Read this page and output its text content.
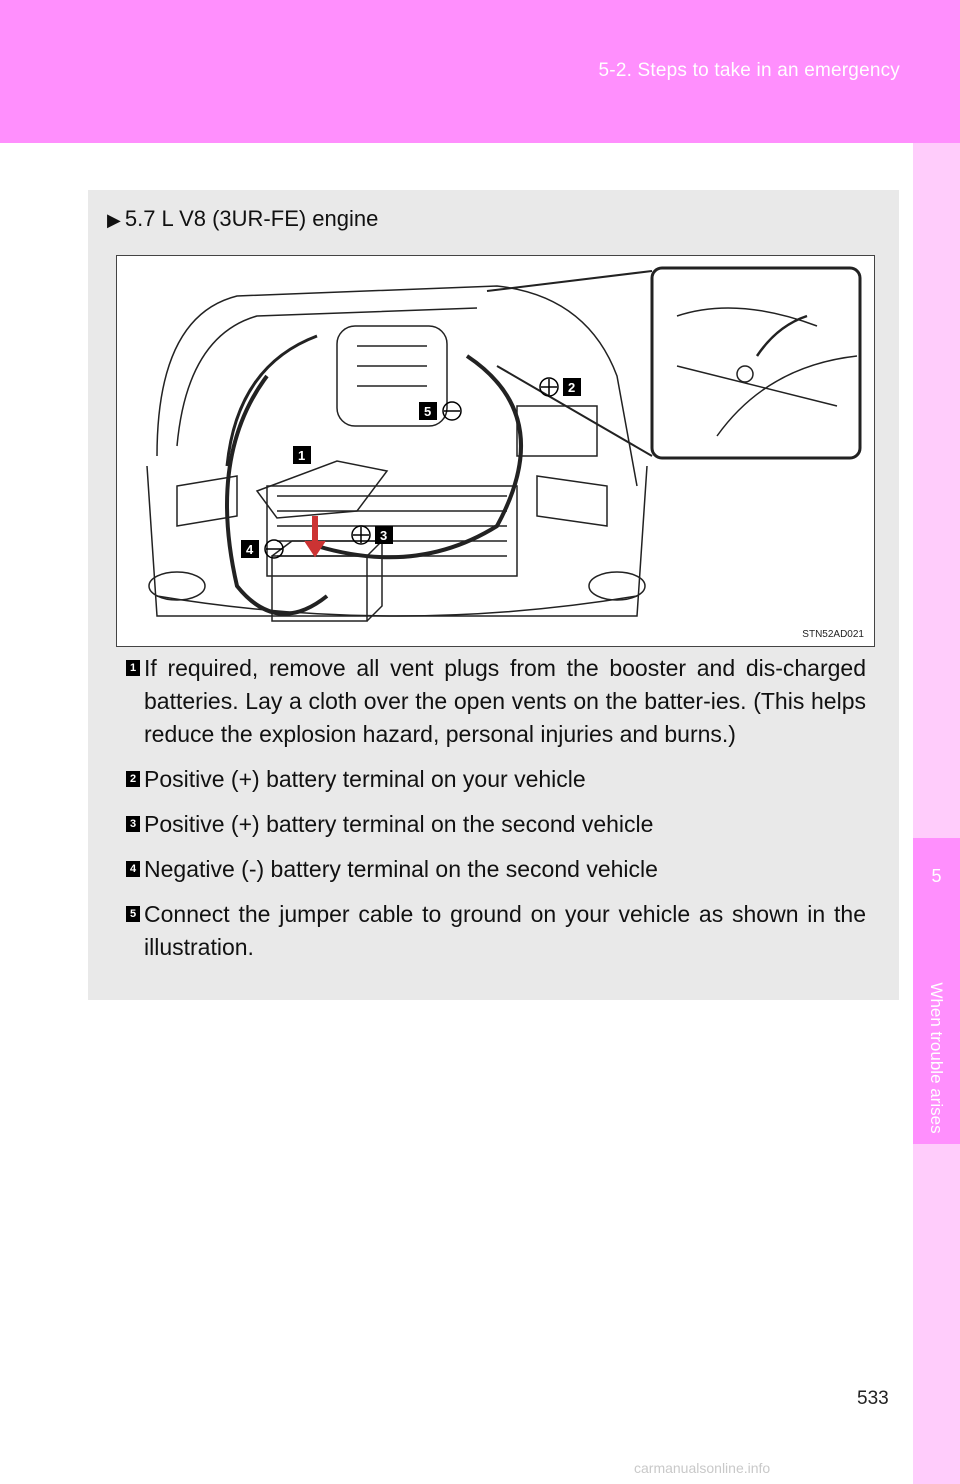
5-2. Steps to take in an emergency
5
When trouble arises
▶ 5.7 L V8 (3UR-FE) engine
1
2
3
4
5
STN52AD021
1 If required, remove all vent plugs from the booster and dis-charged batteries. Lay a cloth over the open vents on the batter-ies. (This helps reduce the explosion hazard, personal injuries and burns.)
2 Positive (+) battery terminal on your vehicle
3 Positive (+) battery terminal on the second vehicle
4 Negative (-) battery terminal on the second vehicle
5 Connect the jumper cable to ground on your vehicle as shown in the illustration.
533
carmanualsonline.info
